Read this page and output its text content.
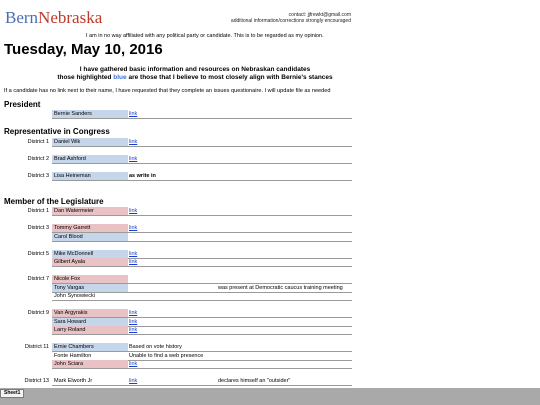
BernNebraska	contact: jjfrewkt@gmail.com
additional information/corrections strongly encouraged
I am in no way affiliated with any political party or candidate. This is to be regarded as my opinion.
Tuesday, May 10, 2016
I have gathered basic information and resources on Nebraskan candidates
those highlighted blue are those that I believe to most closely align with Bernie's stances
If a candidate has no link next to their name, I have requested that they complete an issues questionaire. I will update file as needed
President
Bernie Sanders	link
Representative in Congress
District 1 Daniel Wik	link
District 2 Brad Ashford	link
District 3 Lisa Heineman	as write in
Member of the Legislature
District 1 Dan Watermeier	link
District 3 Tommy Garrett	link
Carol Blood
District 5 Mike McDonnell	link
Gilbert Ayala	link
District 7 Nicole Fox
Tony Vargas	was present at Democratic caucus training meeting
John Synowiecki
District 9 Van Argyrakis	link
Sara Howard	link
Larry Roland	link
District 11 Ernie Chambers	Based on vote history
Fonte Hamilton	Unable to find a web presence
John Sciara	link
District 13 Mark Elworth Jr	link	declares himself an "outsider"
Sheet1
